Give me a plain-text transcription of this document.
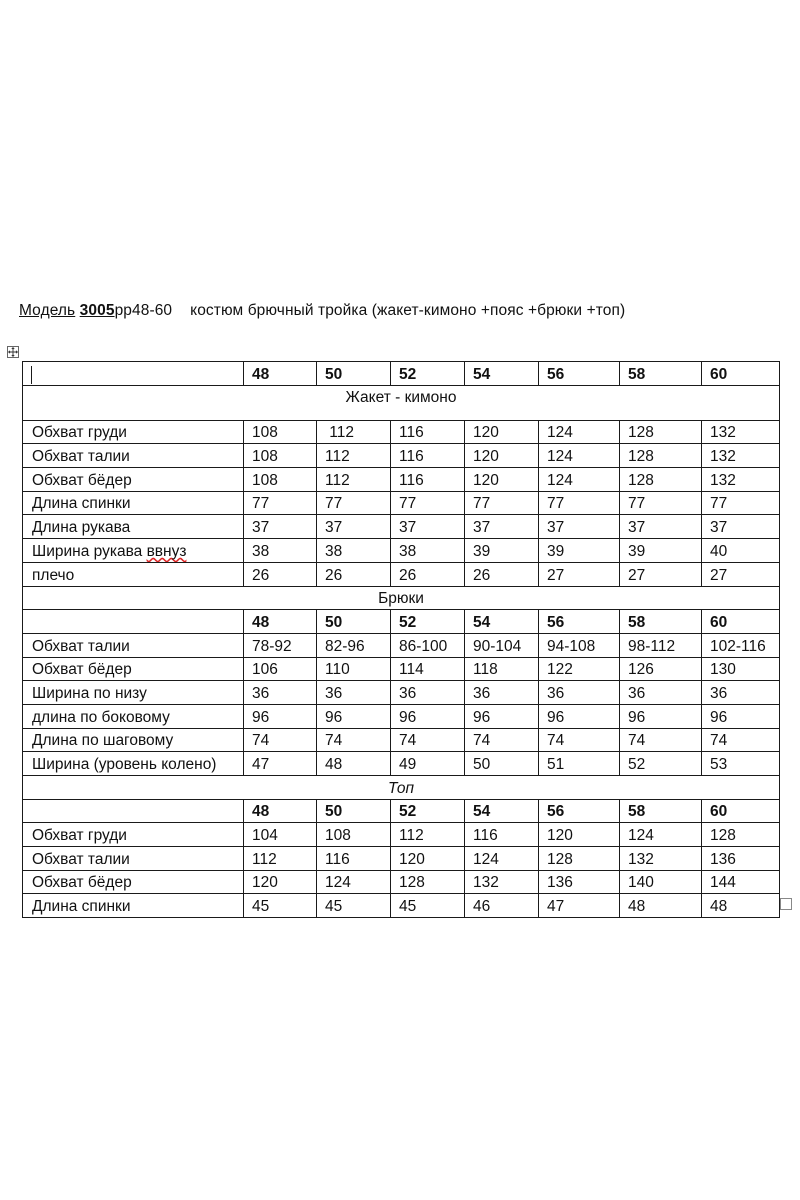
Модель 3005рр48-60 костюм брючный тройка (жакет-кимоно +пояс +брюки +топ)
	48	50	52	54	56	58	60
Жакет - кимоно							
Обхват груди	108	112	116	120	124	128	132
Обхват талии	108	112	116	120	124	128	132
Обхват бёдер	108	112	116	120	124	128	132
Длина спинки	77	77	77	77	77	77	77
Длина рукава	37	37	37	37	37	37	37
Ширина рукава ввнуз	38	38	38	39	39	39	40
плечо	26	26	26	26	27	27	27
Брюки							
	48	50	52	54	56	58	60
Обхват талии	78-92	82-96	86-100	90-104	94-108	98-112	102-116
Обхват бёдер	106	110	114	118	122	126	130
Ширина по низу	36	36	36	36	36	36	36
длина по боковому	96	96	96	96	96	96	96
Длина по шаговому	74	74	74	74	74	74	74
Ширина (уровень колено)	47	48	49	50	51	52	53
Топ							
	48	50	52	54	56	58	60
Обхват груди	104	108	112	116	120	124	128
Обхват талии	112	116	120	124	128	132	136
Обхват бёдер	120	124	128	132	136	140	144
Длина спинки	45	45	45	46	47	48	48
